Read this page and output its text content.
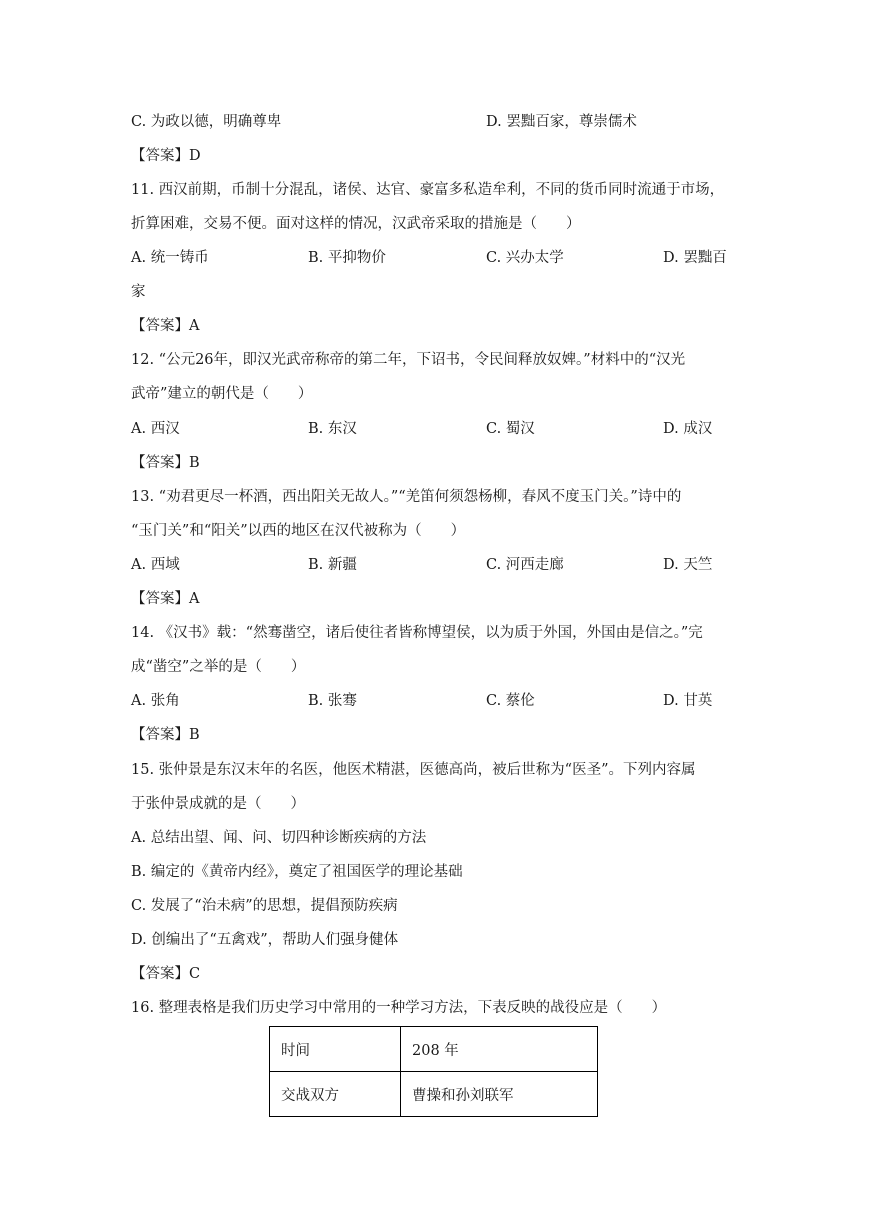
C. 为政以德，明确尊卑	D. 罢黜百家，尊崇儒术
【答案】D
11. 西汉前期，币制十分混乱，诸侯、达官、豪富多私造牟利，不同的货币同时流通于市场，
折算困难，交易不便。面对这样的情况，汉武帝采取的措施是（　　）
A. 统一铸币	B. 平抑物价	C. 兴办太学	D. 罢黜百
家
【答案】A
12. “公元26年，即汉光武帝称帝的第二年，下诏书，令民间释放奴婢。”材料中的“汉光
武帝”建立的朝代是（　　）
A. 西汉	B. 东汉	C. 蜀汉	D. 成汉
【答案】B
13. “劝君更尽一杯酒，西出阳关无故人。”“羌笛何须怨杨柳，春风不度玉门关。”诗中的
“玉门关”和“阳关”以西的地区在汉代被称为（　　）
A. 西域	B. 新疆	C. 河西走廊	D. 天竺
【答案】A
14. 《汉书》载：“然骞凿空，诸后使往者皆称博望侯，以为质于外国，外国由是信之。”完
成“凿空”之举的是（　　）
A. 张角	B. 张骞	C. 蔡伦	D. 甘英
【答案】B
15. 张仲景是东汉末年的名医，他医术精湛，医德高尚，被后世称为“医圣”。下列内容属
于张仲景成就的是（　　）
A. 总结出望、闻、问、切四种诊断疾病的方法
B. 编定的《黄帝内经》，奠定了祖国医学的理论基础
C. 发展了“治未病”的思想，提倡预防疾病
D. 创编出了“五禽戏”，帮助人们强身健体
【答案】C
16. 整理表格是我们历史学习中常用的一种学习方法，下表反映的战役应是（　　）
时间	208 年
交战双方	曹操和孙刘联军
